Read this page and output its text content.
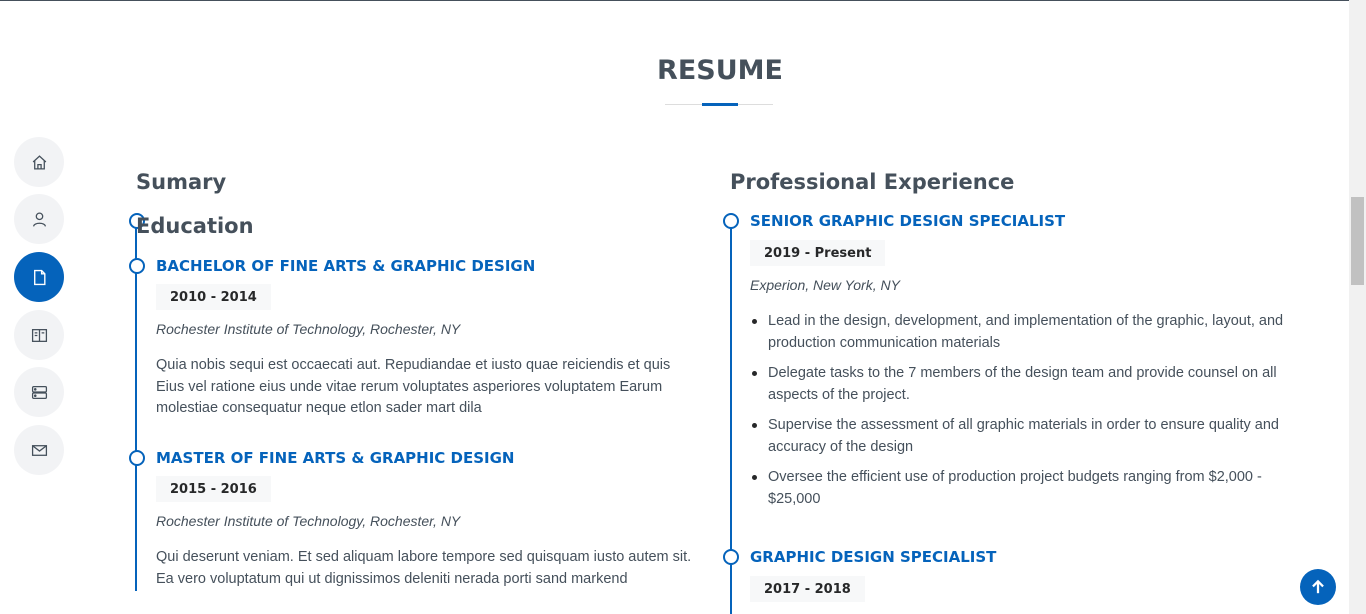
RESUME
Sumary
Education
BACHELOR OF FINE ARTS & GRAPHIC DESIGN
2010 - 2014

Rochester Institute of Technology, Rochester, NY

Quia nobis sequi est occaecati aut. Repudiandae et iusto quae reiciendis et quis Eius vel ratione eius unde vitae rerum voluptates asperiores voluptatem Earum molestiae consequatur neque etlon sader mart dila

MASTER OF FINE ARTS & GRAPHIC DESIGN
2015 - 2016

Rochester Institute of Technology, Rochester, NY

Qui deserunt veniam. Et sed aliquam labore tempore sed quisquam iusto autem sit. Ea vero voluptatum qui ut dignissimos deleniti nerada porti sand markend

Professional Experience
SENIOR GRAPHIC DESIGN SPECIALIST
2019 - Present

Experion, New York, NY

Lead in the design, development, and implementation of the graphic, layout, and production communication materials
Delegate tasks to the 7 members of the design team and provide counsel on all aspects of the project.
Supervise the assessment of all graphic materials in order to ensure quality and accuracy of the design
Oversee the efficient use of production project budgets ranging from $2,000 - $25,000
GRAPHIC DESIGN SPECIALIST
2017 - 2018
